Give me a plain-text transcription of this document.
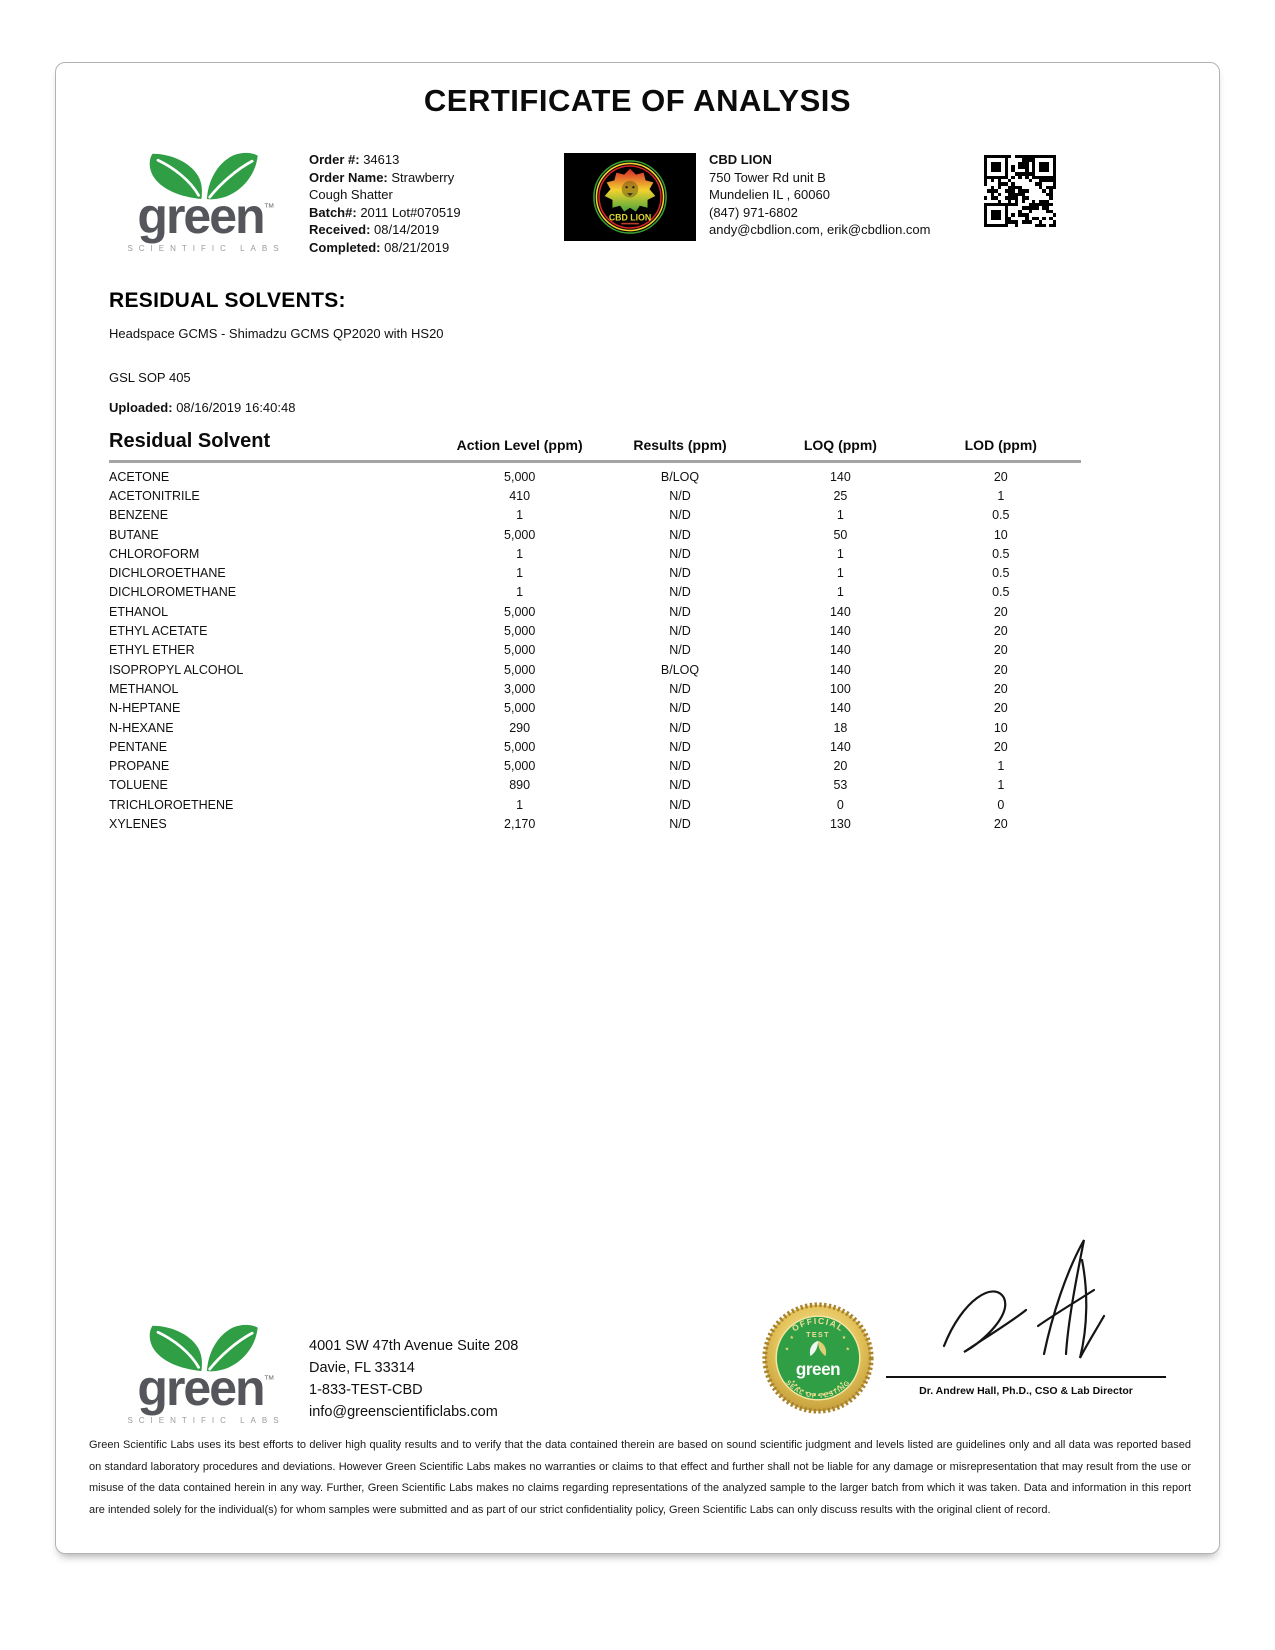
CERTIFICATE OF ANALYSIS
green™
SCIENTIFIC LABS
Order #: 34613
Order Name: Strawberry Cough Shatter
Batch#: 2011 Lot#070519
Received: 08/14/2019
Completed: 08/21/2019
CBD LION
CBD LION
750 Tower Rd unit B
Mundelien IL , 60060
(847) 971-6802
andy@cbdlion.com, erik@cbdlion.com
RESIDUAL SOLVENTS:
Headspace GCMS - Shimadzu GCMS QP2020 with HS20
GSL SOP 405
Uploaded: 08/16/2019 16:40:48
Residual Solvent	Action Level (ppm)	Results (ppm)	LOQ (ppm)	LOD (ppm)
ACETONE	5,000	B/LOQ	140	20
ACETONITRILE	410	N/D	25	1
BENZENE	1	N/D	1	0.5
BUTANE	5,000	N/D	50	10
CHLOROFORM	1	N/D	1	0.5
DICHLOROETHANE	1	N/D	1	0.5
DICHLOROMETHANE	1	N/D	1	0.5
ETHANOL	5,000	N/D	140	20
ETHYL ACETATE	5,000	N/D	140	20
ETHYL ETHER	5,000	N/D	140	20
ISOPROPYL ALCOHOL	5,000	B/LOQ	140	20
METHANOL	3,000	N/D	100	20
N-HEPTANE	5,000	N/D	140	20
N-HEXANE	290	N/D	18	10
PENTANE	5,000	N/D	140	20
PROPANE	5,000	N/D	20	1
TOLUENE	890	N/D	53	1
TRICHLOROETHENE	1	N/D	0	0
XYLENES	2,170	N/D	130	20
green™
SCIENTIFIC LABS
4001 SW 47th Avenue Suite 208
Davie, FL 33314
1-833-TEST-CBD
info@greenscientificlabs.com
OFFICIAL
TEST
★	★
★	★
green
SEAL OF TESTING
Dr. Andrew Hall, Ph.D., CSO & Lab Director
Green Scientific Labs uses its best efforts to deliver high quality results and to verify that the data contained therein are based on sound scientific judgment and levels listed are guidelines only and all data was reported based on standard laboratory procedures and deviations. However Green Scientific Labs makes no warranties or claims to that effect and further shall not be liable for any damage or misrepresentation that may result from the use or misuse of the data contained herein in any way. Further, Green Scientific Labs makes no claims regarding representations of the analyzed sample to the larger batch from which it was taken. Data and information in this report are intended solely for the individual(s) for whom samples were submitted and as part of our strict confidentiality policy, Green Scientific Labs can only discuss results with the original client of record.
